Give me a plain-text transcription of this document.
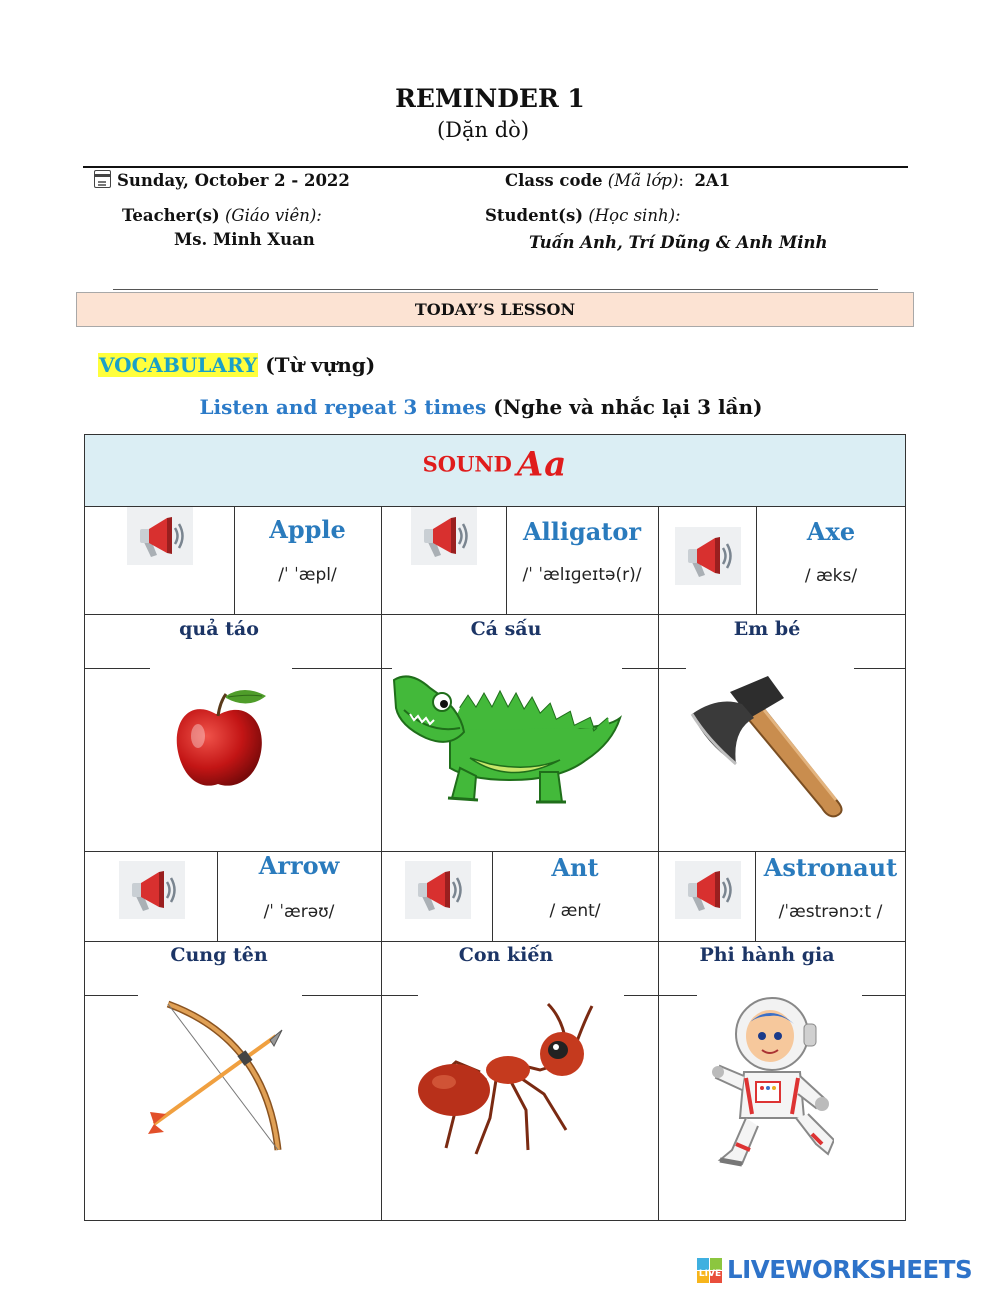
REMINDER 1
(Dặn dò)
Sunday, October 2 - 2022	Class code (Mã lớp): 2A1
Teacher(s) (Giáo viên):
Ms. Minh Xuan
Student(s) (Học sinh):
Tuấn Anh, Trí Dũng & Anh Minh
TODAY’S LESSON
VOCABULARY (Từ vựng)
Listen and repeat 3 times (Nghe và nhắc lại 3 lần)
SOUND Aa
Apple
/ˈ ˈæpl/
Alligator
/ˈ ˈælɪɡeɪtə(r)/
Axe
/ æks/
quả táo	Cá sấu	Em bé
Arrow
/ˈ ˈærəʊ/
Ant
/ ænt/
Astronaut
/ˈæstrənɔːt /
Cung tên	Con kiến	Phi hành gia
LIVE LIVEWORKSHEETS
